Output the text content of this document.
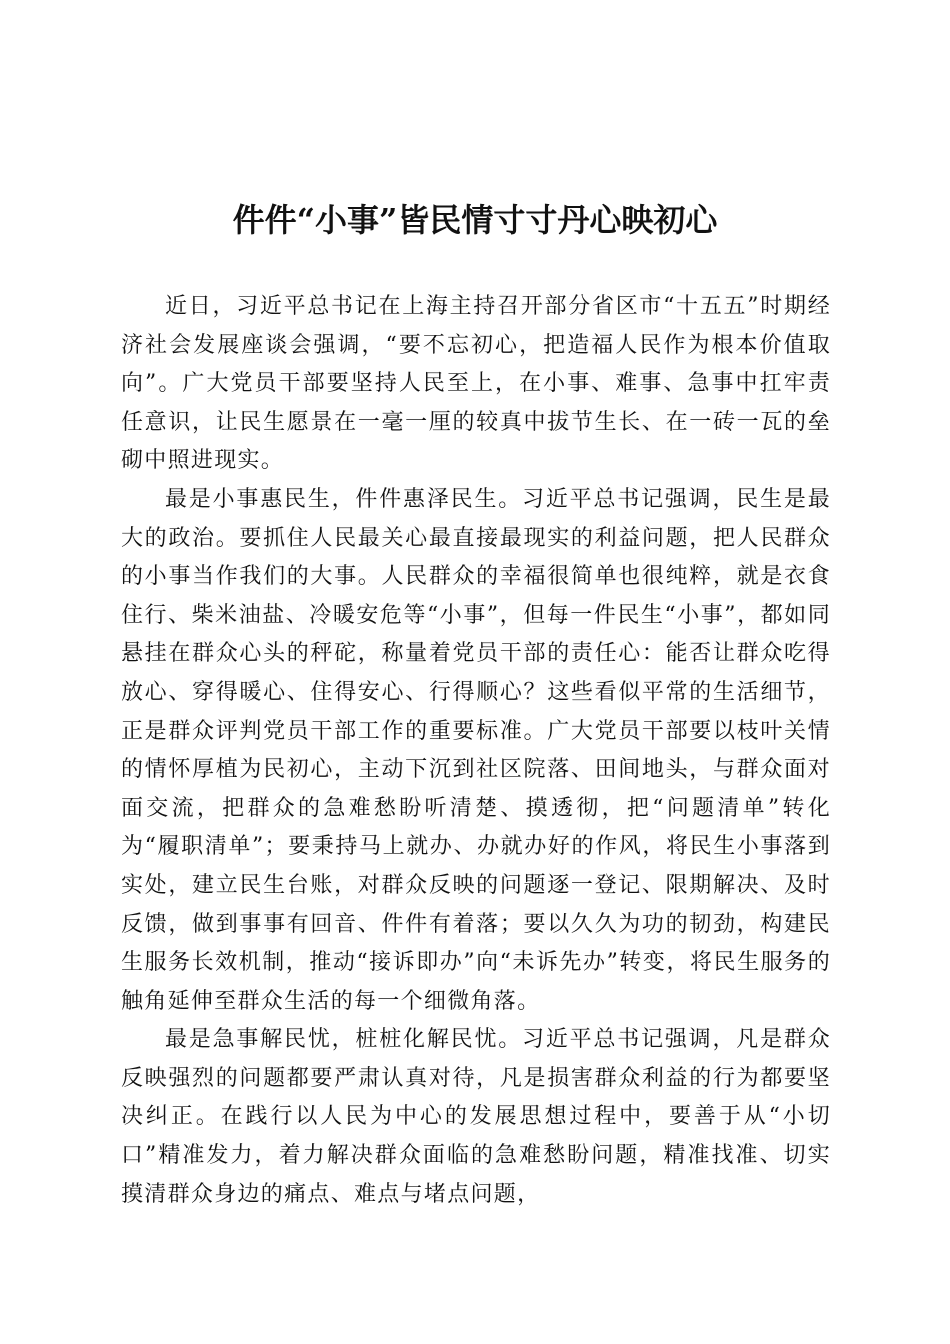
件件“小事”皆民情寸寸丹心映初心

近日，习近平总书记在上海主持召开部分省区市“十五五”时期经济社会发展座谈会强调，“要不忘初心，把造福人民作为根本价值取向”。广大党员干部要坚持人民至上，在小事、难事、急事中扛牢责任意识，让民生愿景在一毫一厘的较真中拔节生长、在一砖一瓦的垒砌中照进现实。

最是小事惠民生，件件惠泽民生。习近平总书记强调，民生是最大的政治。要抓住人民最关心最直接最现实的利益问题，把人民群众的小事当作我们的大事。人民群众的幸福很简单也很纯粹，就是衣食住行、柴米油盐、冷暖安危等“小事”，但每一件民生“小事”，都如同悬挂在群众心头的秤砣，称量着党员干部的责任心：能否让群众吃得放心、穿得暖心、住得安心、行得顺心？这些看似平常的生活细节，正是群众评判党员干部工作的重要标准。广大党员干部要以枝叶关情的情怀厚植为民初心，主动下沉到社区院落、田间地头，与群众面对面交流，把群众的急难愁盼听清楚、摸透彻，把“问题清单”转化为“履职清单”；要秉持马上就办、办就办好的作风，将民生小事落到实处，建立民生台账，对群众反映的问题逐一登记、限期解决、及时反馈，做到事事有回音、件件有着落；要以久久为功的韧劲，构建民生服务长效机制，推动“接诉即办”向“未诉先办”转变，将民生服务的触角延伸至群众生活的每一个细微角落。

最是急事解民忧，桩桩化解民忧。习近平总书记强调，凡是群众反映强烈的问题都要严肃认真对待，凡是损害群众利益的行为都要坚决纠正。在践行以人民为中心的发展思想过程中，要善于从“小切口”精准发力，着力解决群众面临的急难愁盼问题，精准找准、切实摸清群众身边的痛点、难点与堵点问题，
